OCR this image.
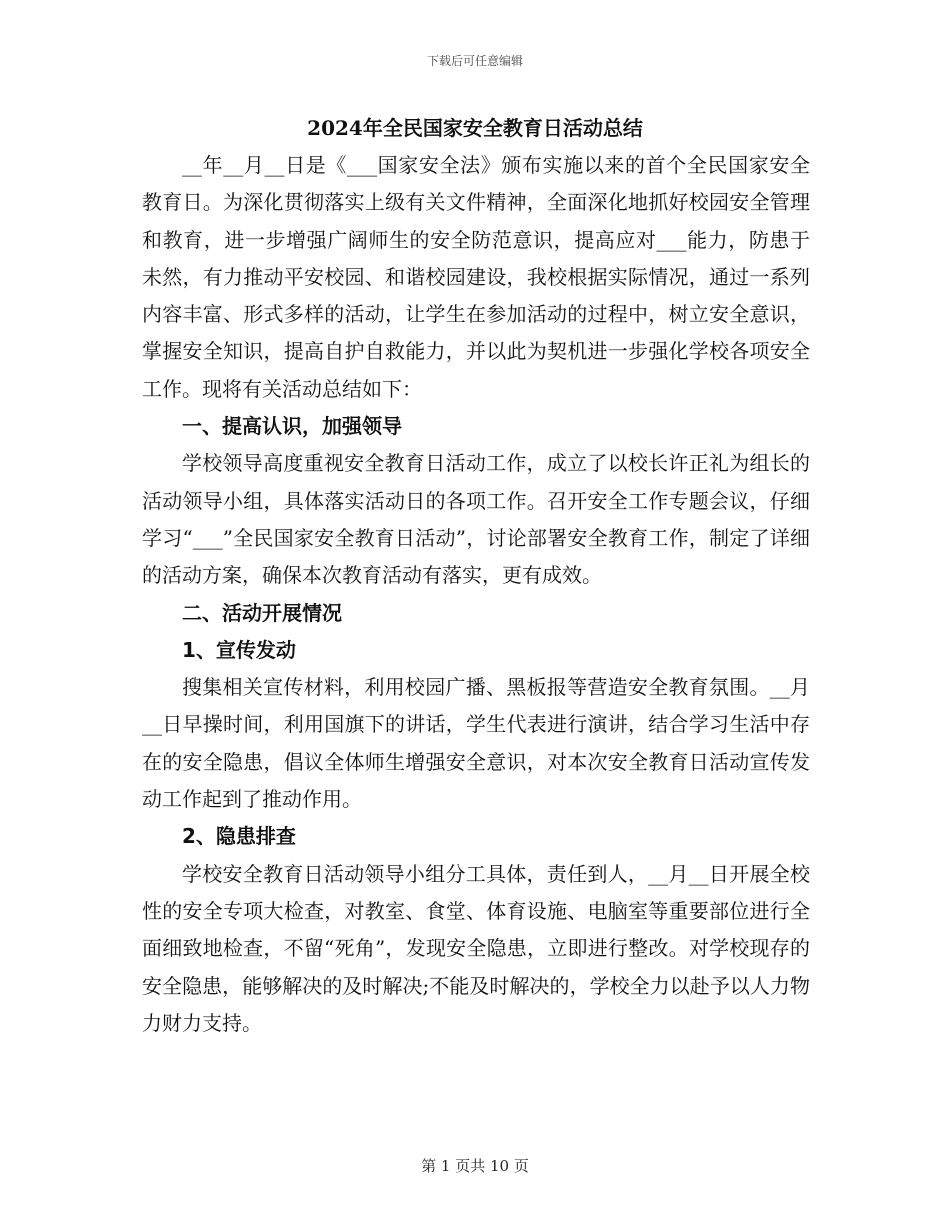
下载后可任意编辑
2024年全民国家安全教育日活动总结

__年__月__日是《___国家安全法》颁布实施以来的首个全民国家安全教育日。为深化贯彻落实上级有关文件精神，全面深化地抓好校园安全管理和教育，进一步增强广阔师生的安全防范意识，提高应对___能力，防患于未然，有力推动平安校园、和谐校园建设，我校根据实际情况，通过一系列内容丰富、形式多样的活动，让学生在参加活动的过程中，树立安全意识，掌握安全知识，提高自护自救能力，并以此为契机进一步强化学校各项安全工作。现将有关活动总结如下：

一、提高认识，加强领导

学校领导高度重视安全教育日活动工作，成立了以校长许正礼为组长的活动领导小组，具体落实活动日的各项工作。召开安全工作专题会议，仔细学习“___”全民国家安全教育日活动”，讨论部署安全教育工作，制定了详细的活动方案，确保本次教育活动有落实，更有成效。

二、活动开展情况

1、宣传发动

搜集相关宣传材料，利用校园广播、黑板报等营造安全教育氛围。__月__日早操时间，利用国旗下的讲话，学生代表进行演讲，结合学习生活中存在的安全隐患，倡议全体师生增强安全意识，对本次安全教育日活动宣传发动工作起到了推动作用。

2、隐患排查

学校安全教育日活动领导小组分工具体，责任到人，__月__日开展全校性的安全专项大检查，对教室、食堂、体育设施、电脑室等重要部位进行全面细致地检查，不留“死角”，发现安全隐患，立即进行整改。对学校现存的安全隐患，能够解决的及时解决;不能及时解决的，学校全力以赴予以人力物力财力支持。

第 1 页共 10 页
